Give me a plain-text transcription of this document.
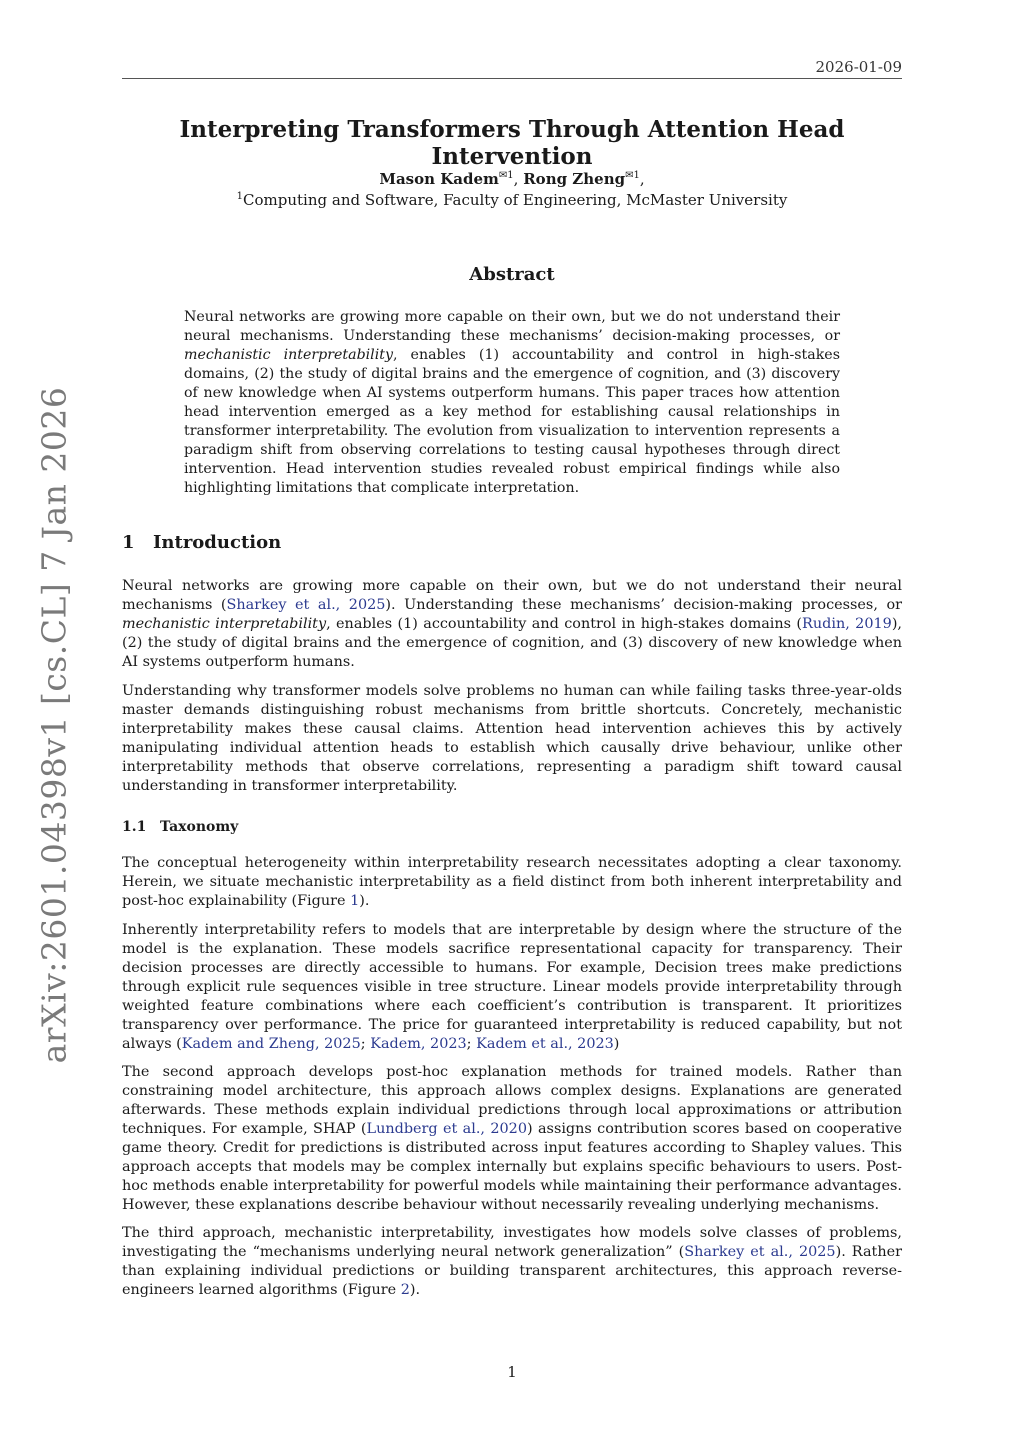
2026-01-09
arXiv:2601.04398v1 [cs.CL] 7 Jan 2026
Interpreting Transformers Through Attention Head Intervention
Mason Kadem$^{✉1}$, Rong Zheng$^{✉1}$,
$^1$Computing and Software, Faculty of Engineering, McMaster University
Abstract

Neural networks are growing more capable on their own, but we do not understand their neural mechanisms. Understanding these mechanisms’ decision-making processes, or mechanistic interpretability, enables (1) accountability and control in high-stakes domains, (2) the study of digital brains and the emergence of cognition, and (3) discovery of new knowledge when AI systems outperform humans. This paper traces how attention head intervention emerged as a key method for establishing causal relationships in transformer interpretability. The evolution from visualization to intervention represents a paradigm shift from observing correlations to testing causal hypotheses through direct intervention. Head intervention studies revealed robust empirical findings while also highlighting limitations that complicate interpretation.

1 Introduction

Neural networks are growing more capable on their own, but we do not understand their neural mechanisms (Sharkey et al., 2025). Understanding these mechanisms’ decision-making processes, or mechanistic interpretability, enables (1) accountability and control in high-stakes domains (Rudin, 2019), (2) the study of digital brains and the emergence of cognition, and (3) discovery of new knowledge when AI systems outperform humans.

Understanding why transformer models solve problems no human can while failing tasks three-year-olds master demands distinguishing robust mechanisms from brittle shortcuts. Concretely, mechanistic interpretability makes these causal claims. Attention head intervention achieves this by actively manipulating individual attention heads to establish which causally drive behaviour, unlike other interpretability methods that observe correlations, representing a paradigm shift toward causal understanding in transformer interpretability.

1.1 Taxonomy

The conceptual heterogeneity within interpretability research necessitates adopting a clear taxonomy. Herein, we situate mechanistic interpretability as a field distinct from both inherent interpretability and post-hoc explainability (Figure 1).

Inherently interpretability refers to models that are interpretable by design where the structure of the model is the explanation. These models sacrifice representational capacity for transparency. Their decision processes are directly accessible to humans. For example, Decision trees make predictions through explicit rule sequences visible in tree structure. Linear models provide interpretability through weighted feature combinations where each coefficient’s contribution is transparent. It prioritizes transparency over performance. The price for guaranteed interpretability is reduced capability, but not always (Kadem and Zheng, 2025; Kadem, 2023; Kadem et al., 2023)

The second approach develops post-hoc explanation methods for trained models. Rather than constraining model architecture, this approach allows complex designs. Explanations are generated afterwards. These methods explain individual predictions through local approximations or attribution techniques. For example, SHAP (Lundberg et al., 2020) assigns contribution scores based on cooperative game theory. Credit for predictions is distributed across input features according to Shapley values. This approach accepts that models may be complex internally but explains specific behaviours to users. Post-hoc methods enable interpretability for powerful models while maintaining their performance advantages. However, these explanations describe behaviour without necessarily revealing underlying mechanisms.

The third approach, mechanistic interpretability, investigates how models solve classes of problems, investigating the “mechanisms underlying neural network generalization” (Sharkey et al., 2025). Rather than explaining individual predictions or building transparent architectures, this approach reverse-engineers learned algorithms (Figure 2).

1
